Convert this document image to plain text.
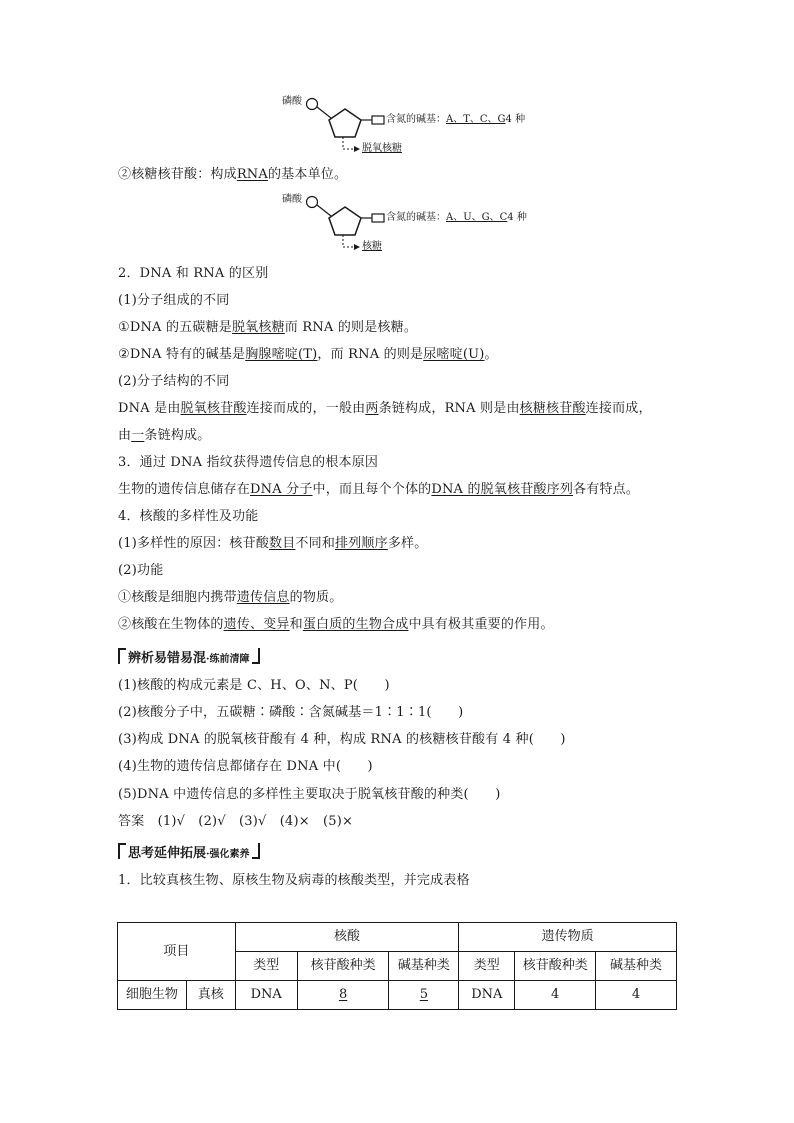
磷酸
含氮的碱基：A、T、C、G4 种
脱氧核糖
②核糖核苷酸：构成RNA的基本单位。
磷酸
含氮的碱基：A、U、G、C4 种
核糖
2．DNA 和 RNA 的区别
(1)分子组成的不同
①DNA 的五碳糖是脱氧核糖而 RNA 的则是核糖。
②DNA 特有的碱基是胸腺嘧啶(T)，而 RNA 的则是尿嘧啶(U)。
(2)分子结构的不同
DNA 是由脱氧核苷酸连接而成的，一般由两条链构成，RNA 则是由核糖核苷酸连接而成，
由一条链构成。
3．通过 DNA 指纹获得遗传信息的根本原因
生物的遗传信息储存在DNA 分子中，而且每个个体的DNA 的脱氧核苷酸序列各有特点。
4．核酸的多样性及功能
(1)多样性的原因：核苷酸数目不同和排列顺序多样。
(2)功能
①核酸是细胞内携带遗传信息的物质。
②核酸在生物体的遗传、变异和蛋白质的生物合成中具有极其重要的作用。
辨析易错易混·练前清障
(1)核酸的构成元素是 C、H、O、N、P(　　)
(2)核酸分子中，五碳糖∶磷酸∶含氮碱基＝1∶1∶1(　　)
(3)构成 DNA 的脱氧核苷酸有 4 种，构成 RNA 的核糖核苷酸有 4 种(　　)
(4)生物的遗传信息都储存在 DNA 中(　　)
(5)DNA 中遗传信息的多样性主要取决于脱氧核苷酸的种类(　　)
答案　(1)√　(2)√　(3)√　(4)×　(5)×
思考延伸拓展·强化素养
1．比较真核生物、原核生物及病毒的核酸类型，并完成表格
项目		核酸			遗传物质		
		类型	核苷酸种类	碱基种类	类型	核苷酸种类	碱基种类
细胞生物	真核	DNA	8	5	DNA	4	4
